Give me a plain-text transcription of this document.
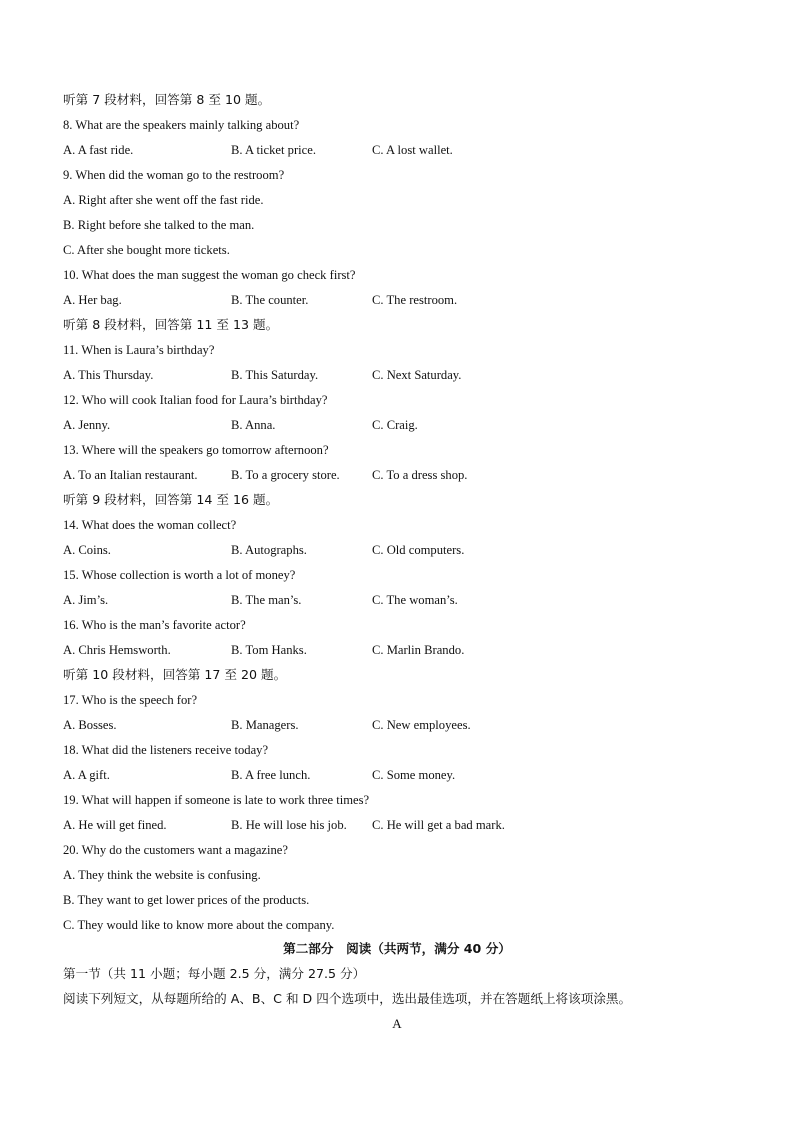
听第 7 段材料，回答第 8 至 10 题。
8. What are the speakers mainly talking about?
A. A fast ride.	B. A ticket price.	C. A lost wallet.
9. When did the woman go to the restroom?
A. Right after she went off the fast ride.
B. Right before she talked to the man.
C. After she bought more tickets.
10. What does the man suggest the woman go check first?
A. Her bag.	B. The counter.	C. The restroom.
听第 8 段材料，回答第 11 至 13 题。
11. When is Laura’s birthday?
A. This Thursday.	B. This Saturday.	C. Next Saturday.
12. Who will cook Italian food for Laura’s birthday?
A. Jenny.	B. Anna.	C. Craig.
13. Where will the speakers go tomorrow afternoon?
A. To an Italian restaurant.	B. To a grocery store.	C. To a dress shop.
听第 9 段材料，回答第 14 至 16 题。
14. What does the woman collect?
A. Coins.	B. Autographs.	C. Old computers.
15. Whose collection is worth a lot of money?
A. Jim’s.	B. The man’s.	C. The woman’s.
16. Who is the man’s favorite actor?
A. Chris Hemsworth.	B. Tom Hanks.	C. Marlin Brando.
听第 10 段材料，回答第 17 至 20 题。
17. Who is the speech for?
A. Bosses.	B. Managers.	C. New employees.
18. What did the listeners receive today?
A. A gift.	B. A free lunch.	C. Some money.
19. What will happen if someone is late to work three times?
A. He will get fined.	B. He will lose his job. C. He will get a bad mark.
20. Why do the customers want a magazine?
A. They think the website is confusing.
B. They want to get lower prices of the products.
C. They would like to know more about the company.
第二部分　阅读（共两节，满分 40 分）
第一节（共 11 小题；每小题 2.5 分，满分 27.5 分）
阅读下列短文，从每题所给的 A、B、C 和 D 四个选项中，选出最佳选项，并在答题纸上将该项涂黑。
A
